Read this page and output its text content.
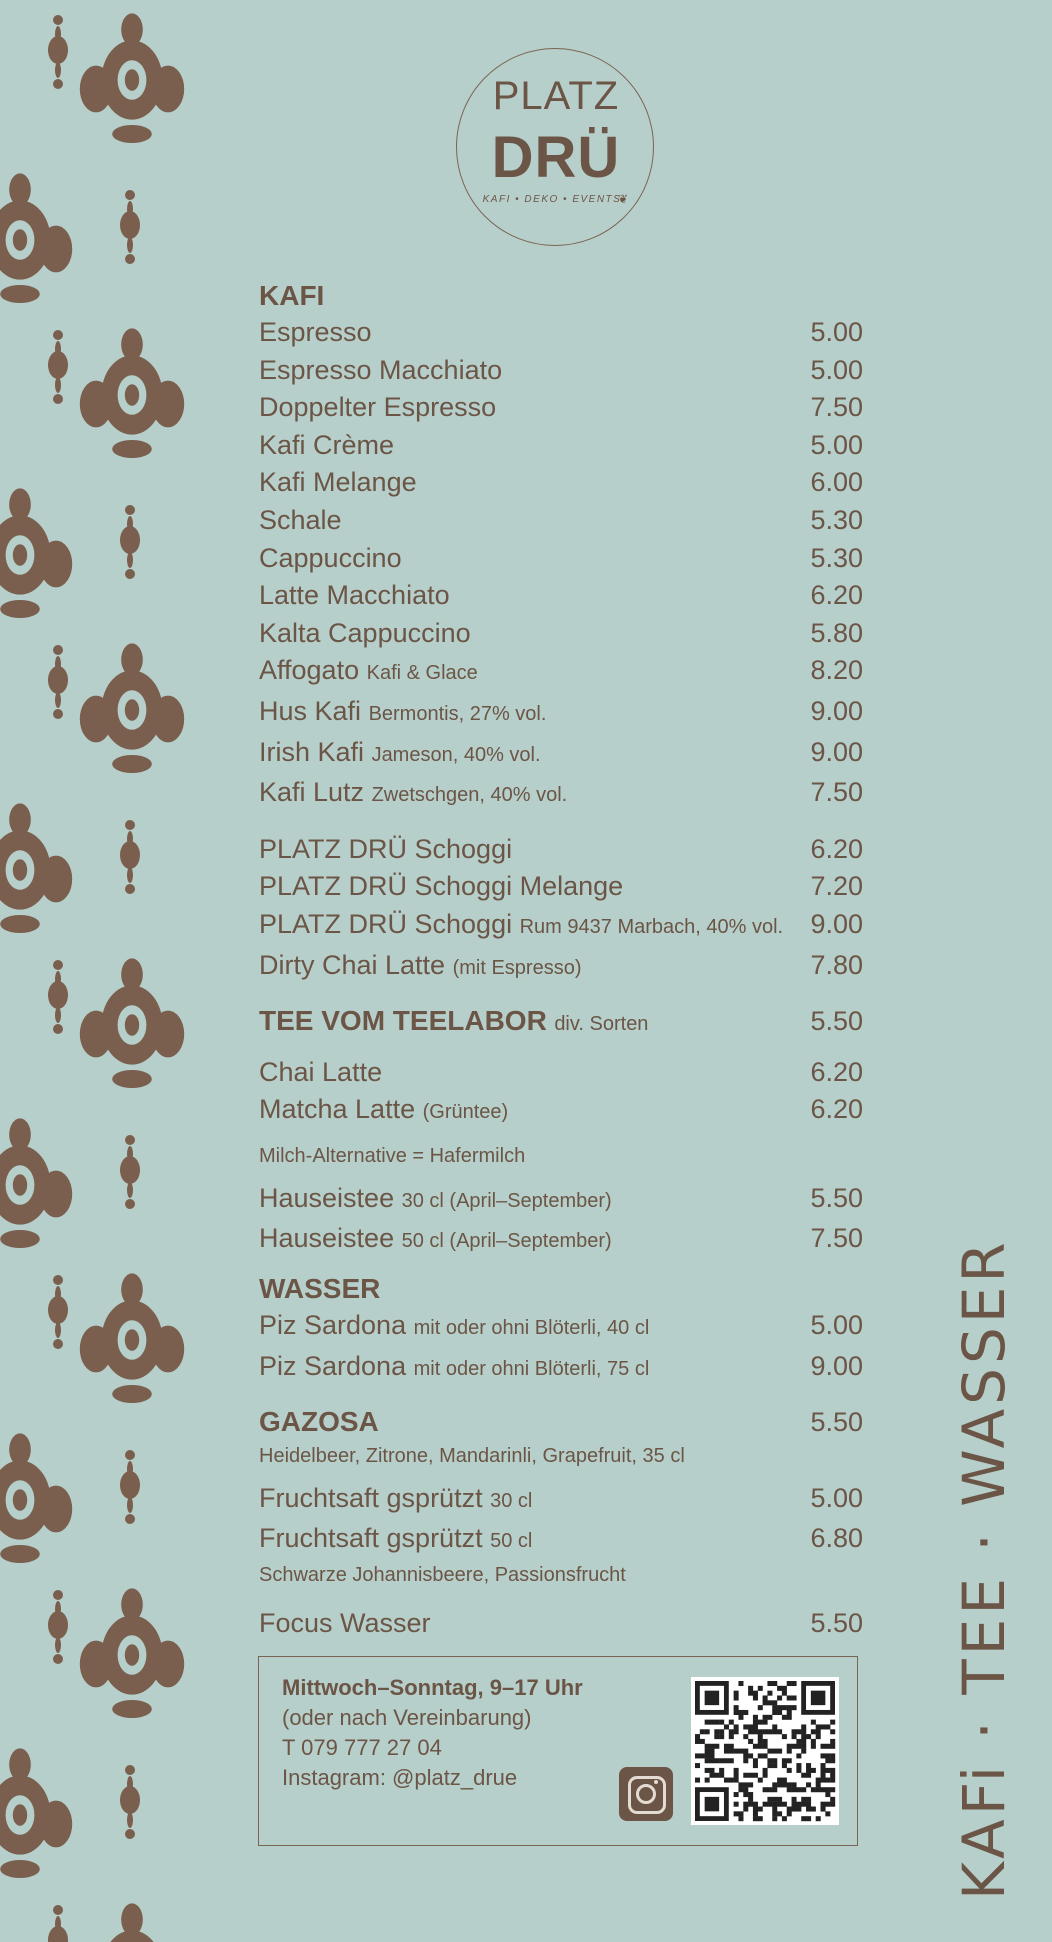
PLATZ
DRÜ
KAFI • DEKO • EVENTS
❦
KAFI
Espresso	5.00
Espresso Macchiato	5.00
Doppelter Espresso	7.50
Kafi Crème	5.00
Kafi Melange	6.00
Schale	5.30
Cappuccino	5.30
Latte Macchiato	6.20
Kalta Cappuccino	5.80
Affogato Kafi & Glace	8.20
Hus Kafi Bermontis, 27% vol.	9.00
Irish Kafi Jameson, 40% vol.	9.00
Kafi Lutz Zwetschgen, 40% vol.	7.50
PLATZ DRÜ Schoggi	6.20
PLATZ DRÜ Schoggi Melange	7.20
PLATZ DRÜ Schoggi Rum 9437 Marbach, 40% vol. 9.00
Dirty Chai Latte (mit Espresso)	7.80
TEE VOM TEELABOR div. Sorten	5.50
Chai Latte	6.20
Matcha Latte (Grüntee)	6.20
Milch-Alternative = Hafermilch
Hauseistee 30 cl (April–September)	5.50
Hauseistee 50 cl (April–September)	7.50
WASSER
Piz Sardona mit oder ohni Blöterli, 40 cl	5.00
Piz Sardona mit oder ohni Blöterli, 75 cl	9.00
GAZOSA	5.50
Heidelbeer, Zitrone, Mandarinli, Grapefruit, 35 cl
Fruchtsaft gsprützt 30 cl	5.00
Fruchtsaft gsprützt 50 cl	6.80
Schwarze Johannisbeere, Passionsfrucht
Focus Wasser	5.50
Mittwoch–Sonntag, 9–17 Uhr
(oder nach Vereinbarung)
T 079 777 27 04
Instagram: @platz_drue	KAFi · TEE · WASSER
